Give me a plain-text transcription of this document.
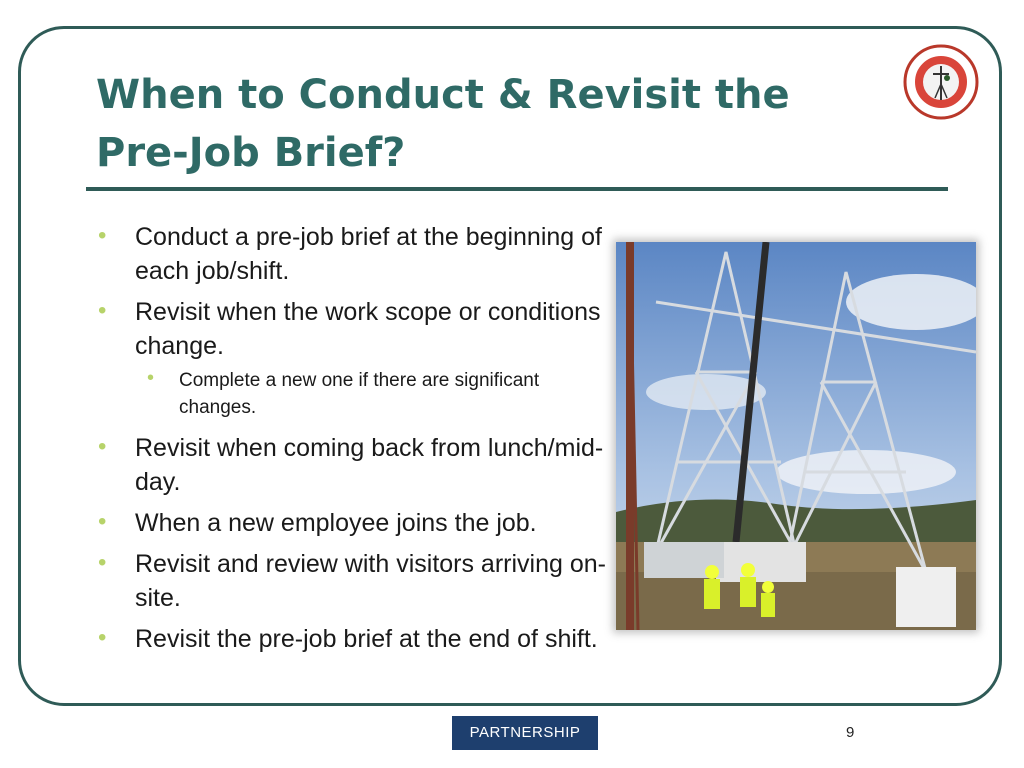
When to Conduct & Revisit the
Pre-Job Brief?
• Conduct a pre-job brief at the beginning of each job/shift.
• Revisit when the work scope or conditions change.
• Complete a new one if there are significant changes.
• Revisit when coming back from lunch/mid-day.
• When a new employee joins the job.
• Revisit and review with visitors arriving on-site.
• Revisit the pre-job brief at the end of shift.
PARTNERSHIP	9
